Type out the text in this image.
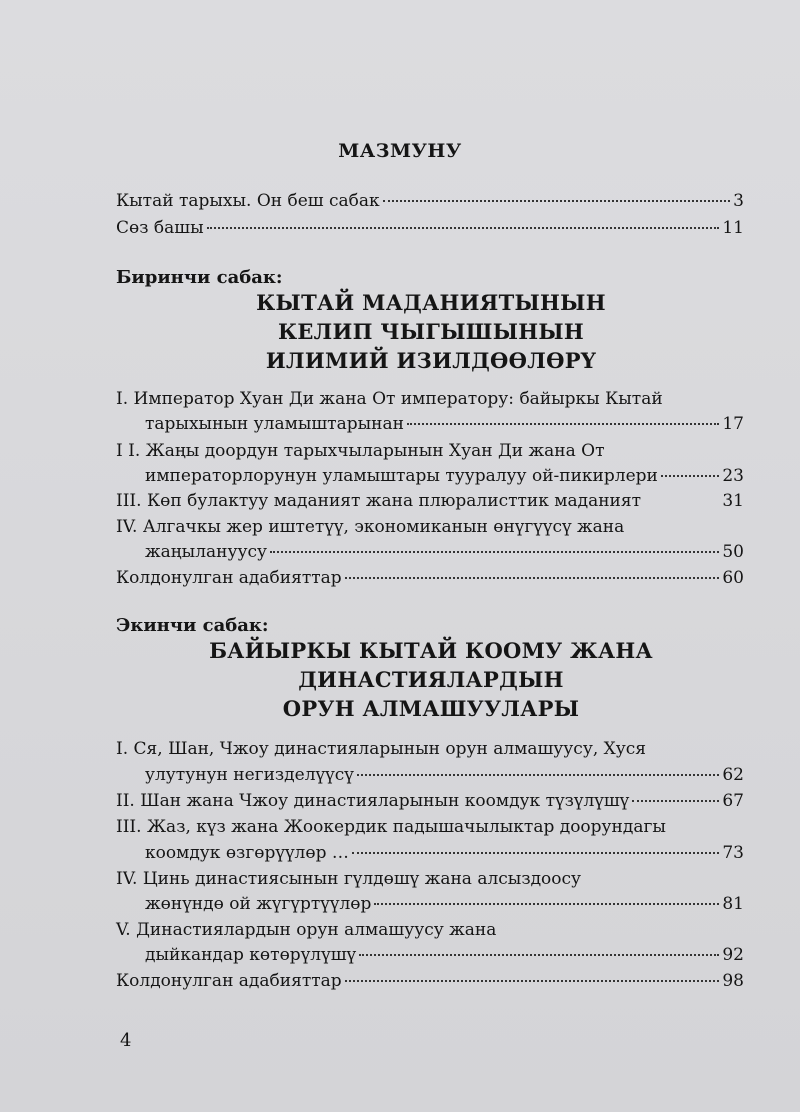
МАЗМУНУ
Кытай тарыхы. Он беш сабак	3
Сөз башы	11
Биринчи сабак:
КЫТАЙ МАДАНИЯТЫНЫН
КЕЛИП ЧЫГЫШЫНЫН
ИЛИМИЙ ИЗИЛДӨӨЛӨРҮ
I. Император Хуан Ди жана От императору: байыркы Кытай
тарыхынын уламыштарынан	17
I I. Жаңы доордун тарыхчыларынын Хуан Ди жана От
императорлорунун уламыштары тууралуу ой-пикирлери	23
III. Көп булактуу маданият жана плюралисттик маданият	31
IV. Алгачкы жер иштетүү, экономиканын өнүгүүсү жана
жаңылануусу	50
Колдонулган адабияттар	60
Экинчи сабак:
БАЙЫРКЫ КЫТАЙ КООМУ ЖАНА
ДИНАСТИЯЛАРДЫН
ОРУН АЛМАШУУЛАРЫ
I. Ся, Шан, Чжоу династияларынын орун алмашуусу, Хуся
улутунун негизделүүсү	62
II. Шан жана Чжоу династияларынын коомдук түзүлүшү	67
III. Жаз, күз жана Жоокердик падышачылыктар доорундагы
коомдук өзгөрүүлөр …	73
IV. Цинь династиясынын гүлдөшү жана алсыздоосу
жөнүндө ой жүгүртүүлөр	81
V. Династиялардын орун алмашуусу жана
дыйкандар көтөрүлүшү	92
Колдонулган адабияттар	98
4
